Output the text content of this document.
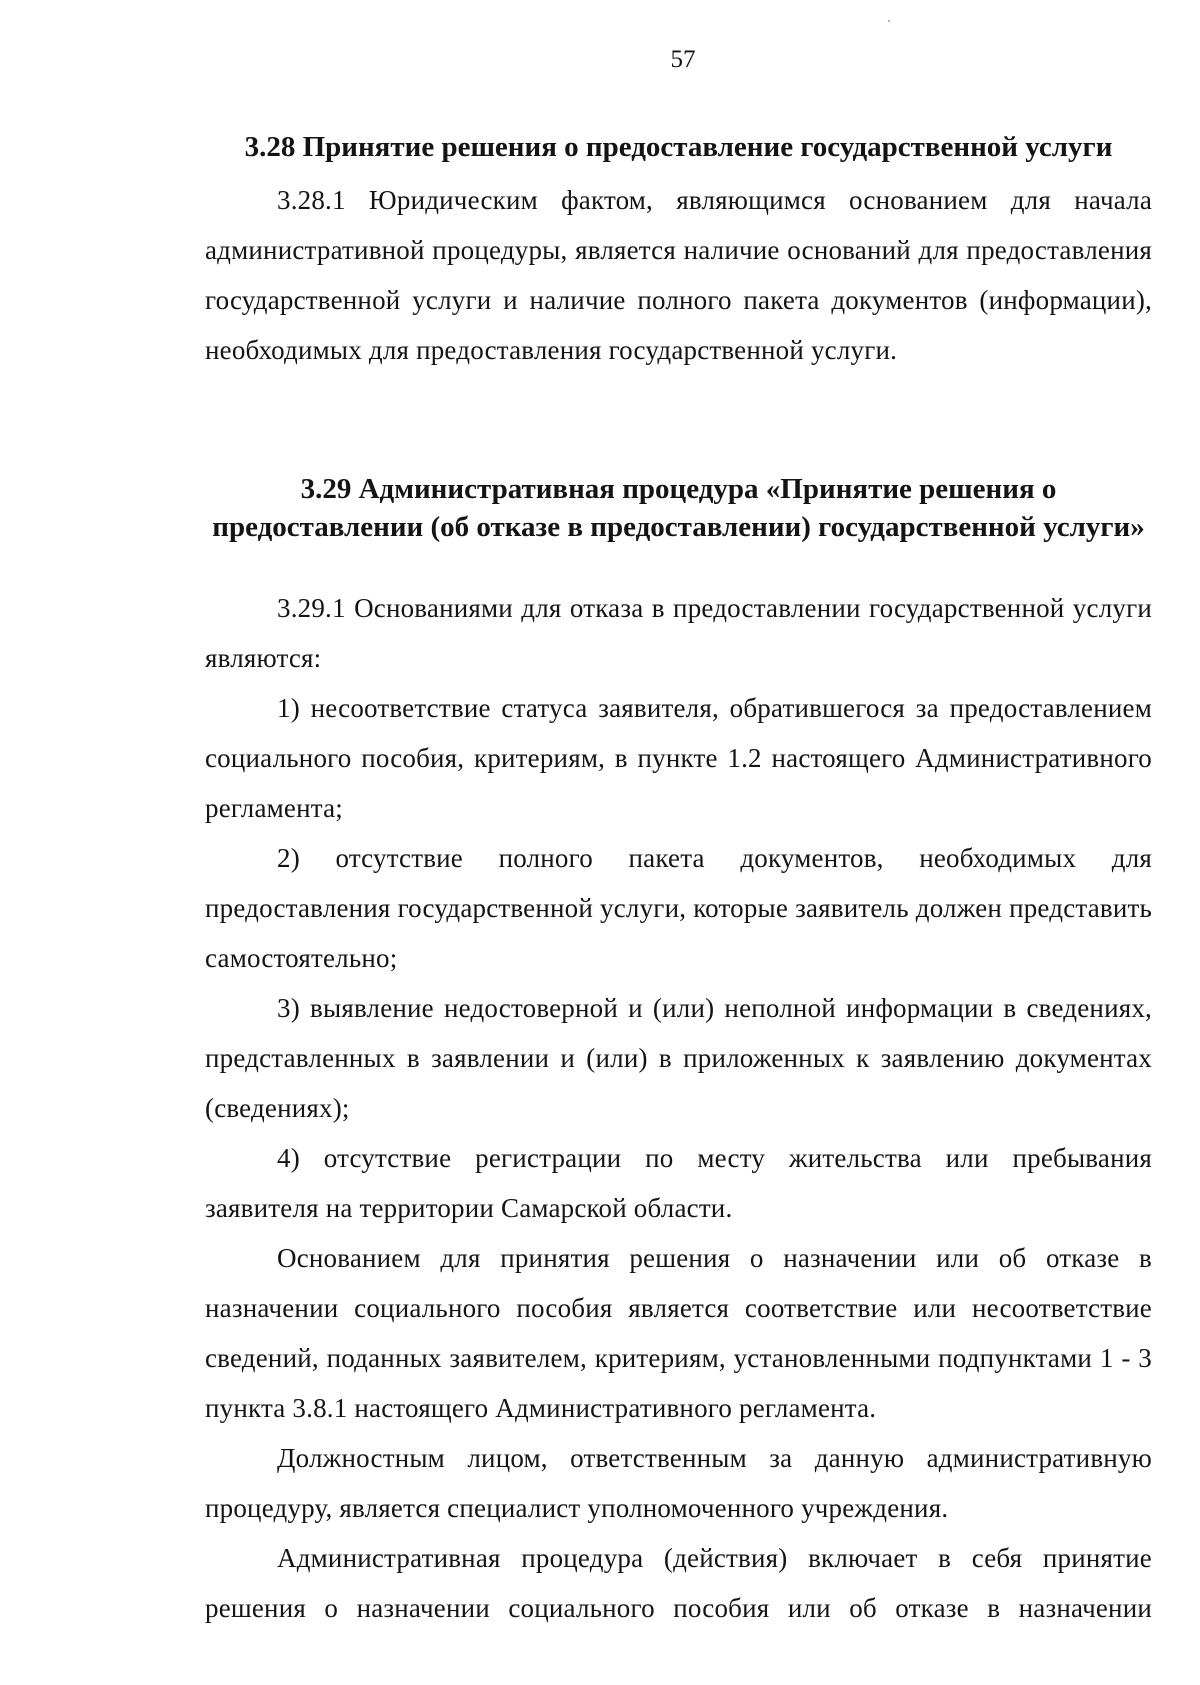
57

3.28 Принятие решения о предоставление государственной услуги

3.28.1 Юридическим фактом, являющимся основанием для начала административной процедуры, является наличие оснований для предоставления государственной услуги и наличие полного пакета документов (информации), необходимых для предоставления государственной услуги.

3.29 Административная процедура «Принятие решения о

предоставлении (об отказе в предоставлении) государственной услуги»

3.29.1 Основаниями для отказа в предоставлении государственной услуги являются:

1) несоответствие статуса заявителя, обратившегося за предоставлением социального пособия, критериям, в пункте 1.2 настоящего Административного регламента;

2) отсутствие полного пакета документов, необходимых для предоставления государственной услуги, которые заявитель должен представить самостоятельно;

3) выявление недостоверной и (или) неполной информации в сведениях, представленных в заявлении и (или) в приложенных к заявлению документах (сведениях);

4) отсутствие регистрации по месту жительства или пребывания заявителя на территории Самарской области.

Основанием для принятия решения о назначении или об отказе в назначении социального пособия является соответствие или несоответствие сведений, поданных заявителем, критериям, установленными подпунктами 1 - 3 пункта 3.8.1 настоящего Административного регламента.

Должностным лицом, ответственным за данную административную процедуру, является специалист уполномоченного учреждения.

Административная процедура (действия) включает в себя принятие решения о назначении социального пособия или об отказе в назначении
